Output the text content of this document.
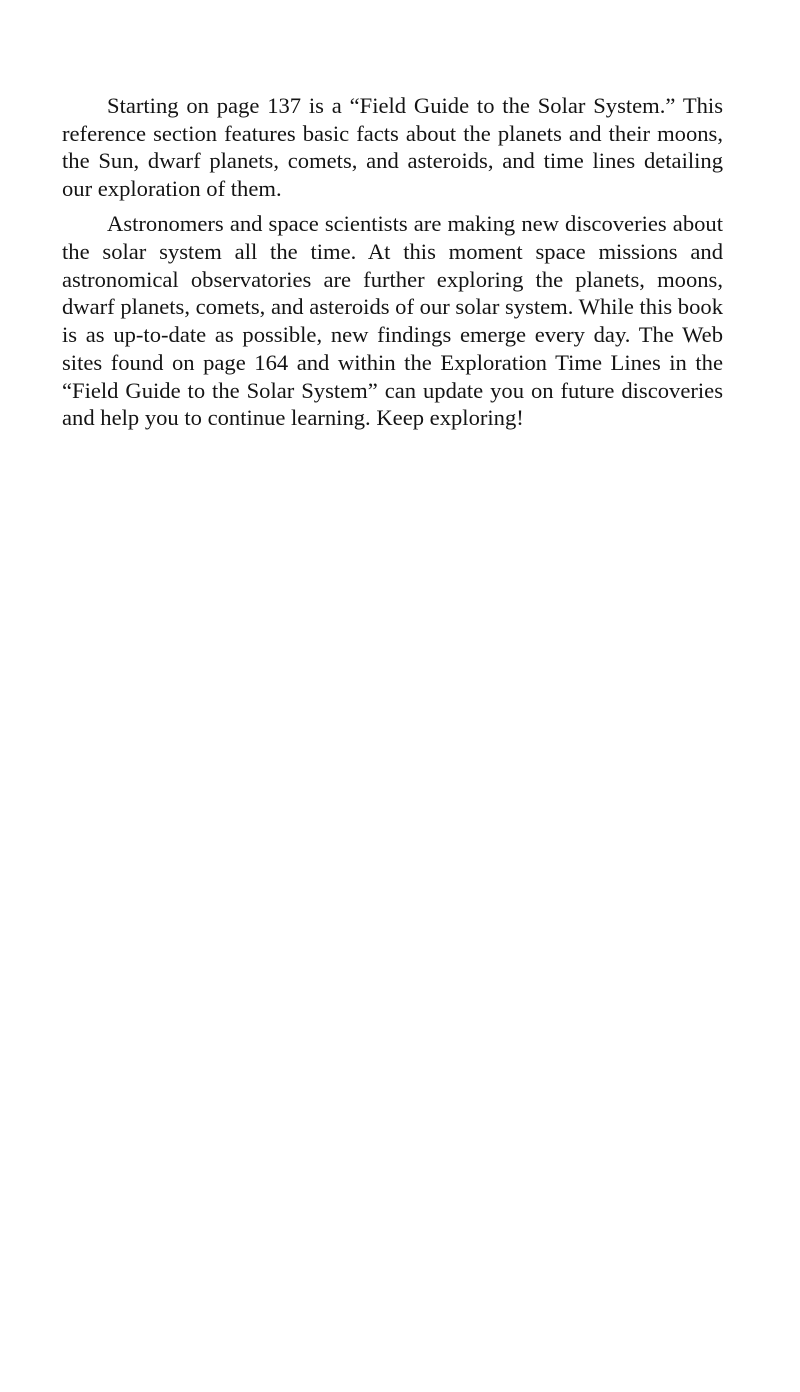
Starting on page 137 is a “Field Guide to the Solar System.” This reference section features basic facts about the planets and their moons, the Sun, dwarf planets, comets, and asteroids, and time lines detailing our exploration of them.

Astronomers and space scientists are making new discoveries about the solar system all the time. At this moment space missions and astronomical observatories are further exploring the planets, moons, dwarf planets, comets, and asteroids of our solar system. While this book is as up-to-date as possible, new findings emerge every day. The Web sites found on page 164 and within the Exploration Time Lines in the “Field Guide to the Solar System” can update you on future discoveries and help you to continue learning. Keep exploring!
